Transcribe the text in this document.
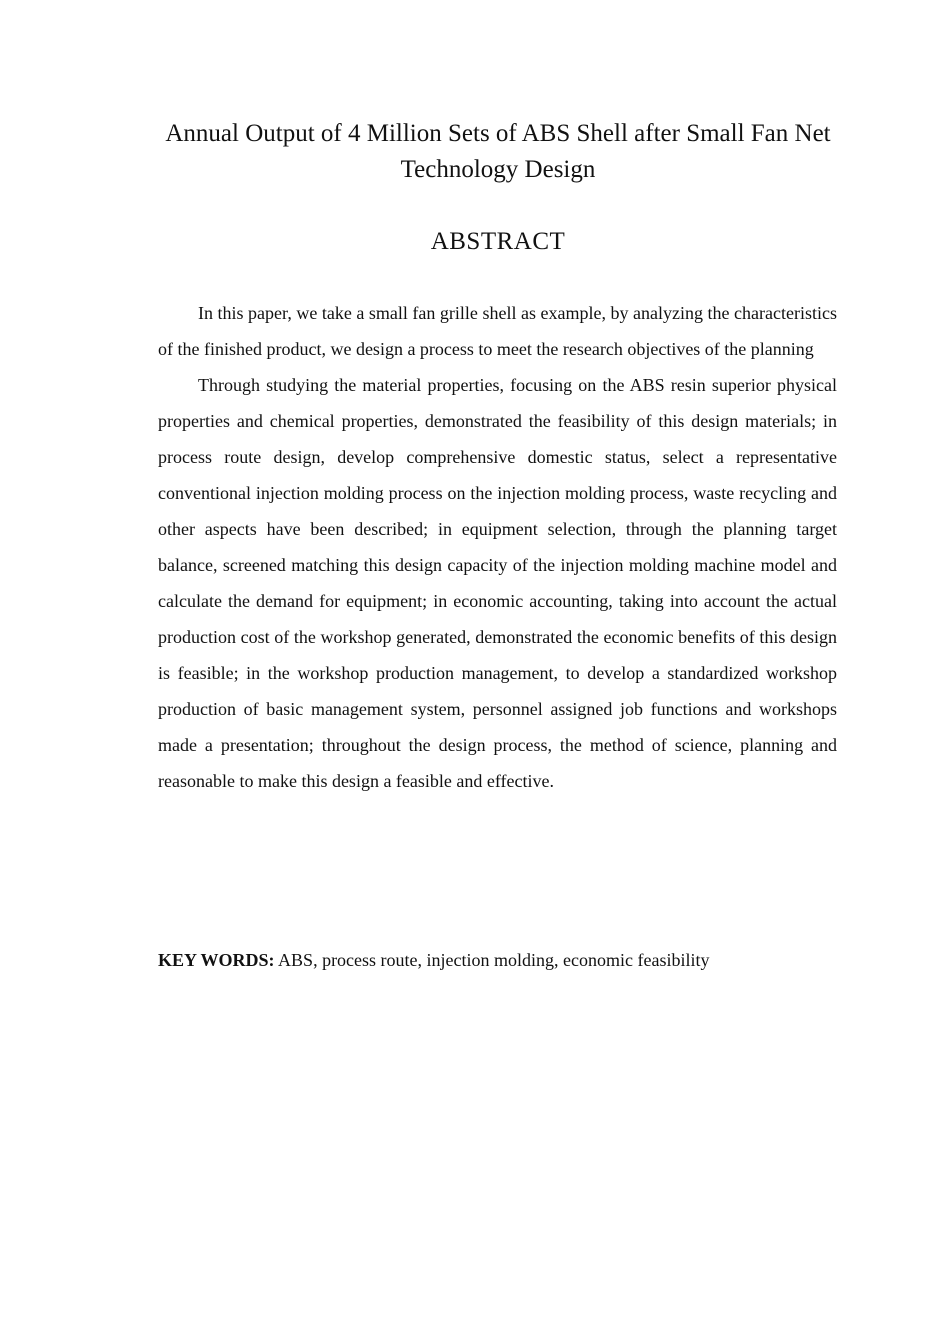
Annual Output of 4 Million Sets of ABS Shell after Small Fan Net Technology Design
ABSTRACT

In this paper, we take a small fan grille shell as example, by analyzing the characteristics of the finished product, we design a process to meet the research objectives of the planning

Through studying the material properties, focusing on the ABS resin superior physical properties and chemical properties, demonstrated the feasibility of this design materials; in process route design, develop comprehensive domestic status, select a representative conventional injection molding process on the injection molding process, waste recycling and other aspects have been described; in equipment selection, through the planning target balance, screened matching this design capacity of the injection molding machine model and calculate the demand for equipment; in economic accounting, taking into account the actual production cost of the workshop generated, demonstrated the economic benefits of this design is feasible; in the workshop production management, to develop a standardized workshop production of basic management system, personnel assigned job functions and workshops made a presentation; throughout the design process, the method of science, planning and reasonable to make this design a feasible and effective.

KEY WORDS: ABS, process route, injection molding, economic feasibility
